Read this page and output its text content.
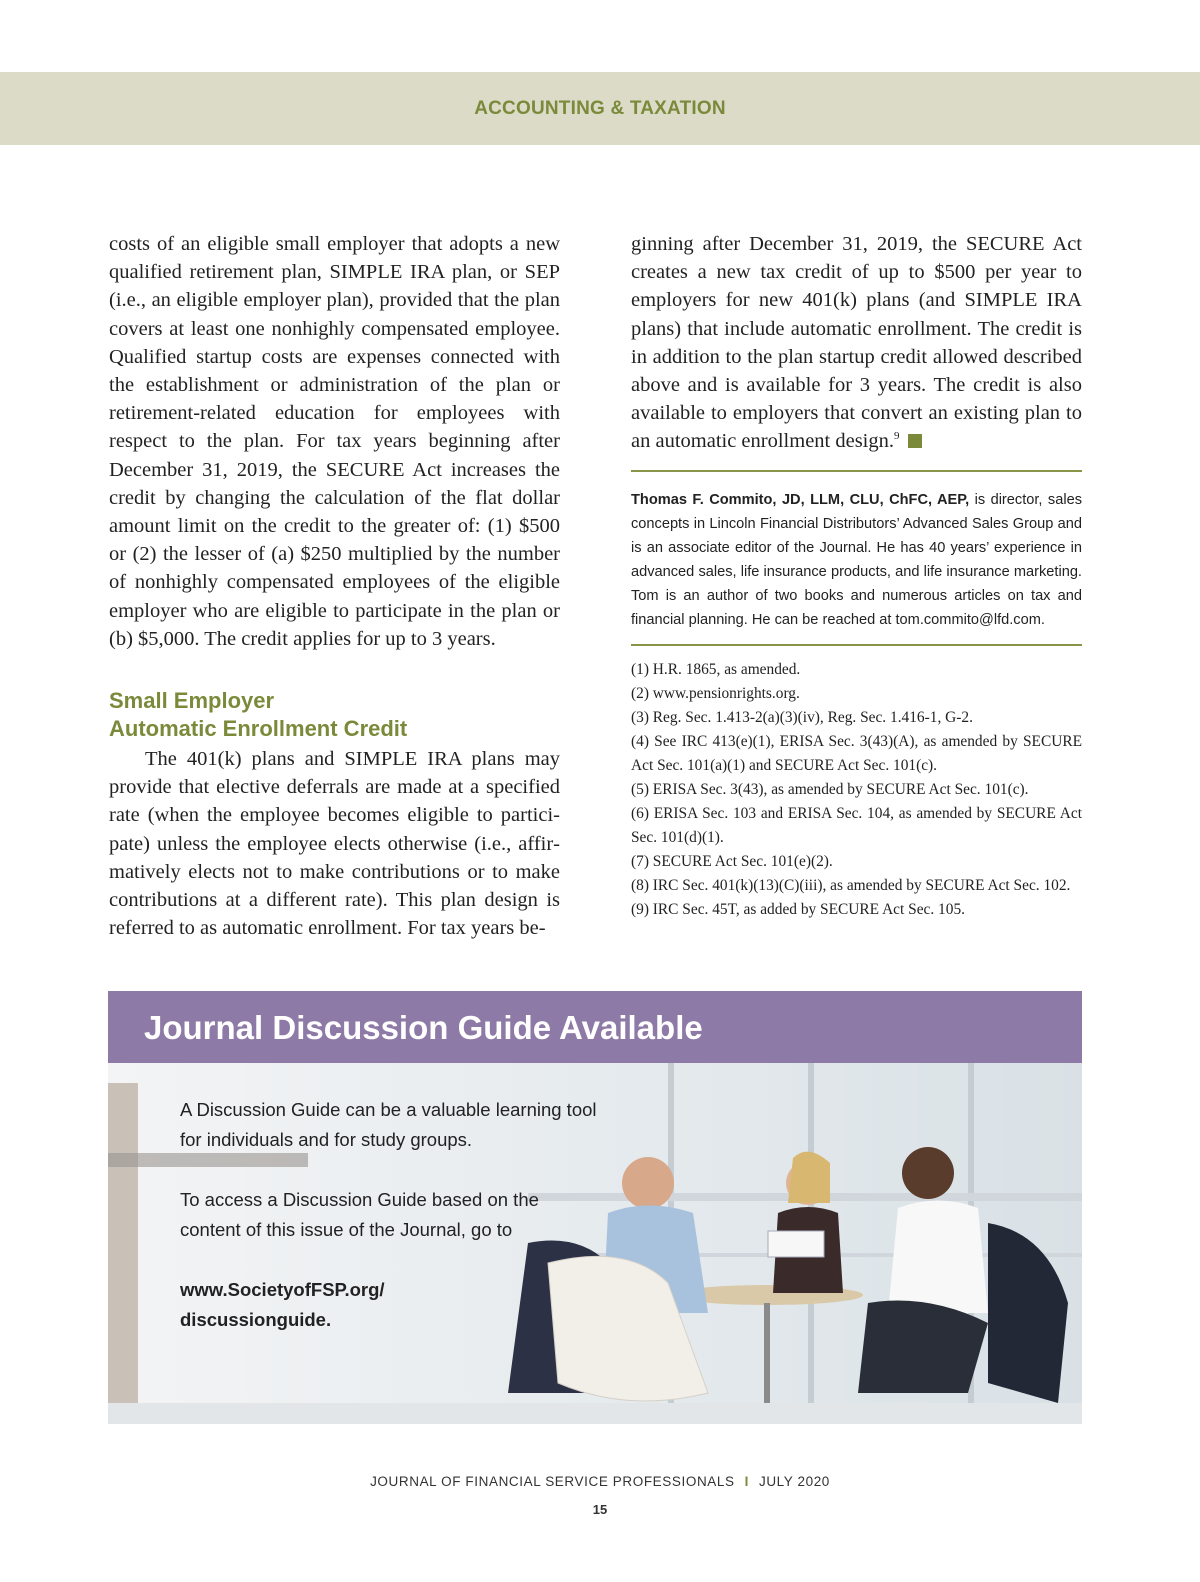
ACCOUNTING & TAXATION

costs of an eligible small employer that adopts a new qualified retirement plan, SIMPLE IRA plan, or SEP (i.e., an eligible employer plan), provided that the plan covers at least one nonhighly compensated employee. Qualified startup costs are expenses connected with the establishment or administration of the plan or retirement-related education for employees with respect to the plan. For tax years beginning after December 31, 2019, the SECURE Act increases the credit by changing the calculation of the flat dollar amount limit on the credit to the greater of: (1) $500 or (2) the lesser of (a) $250 multiplied by the number of nonhighly compensated employees of the eligible employer who are eligible to participate in the plan or (b) $5,000. The credit applies for up to 3 years.

Small Employer
Automatic Enrollment Credit

The 401(k) plans and SIMPLE IRA plans may provide that elective deferrals are made at a specified rate (when the employee becomes eligible to participate) unless the employee elects otherwise (i.e., affirmatively elects not to make contributions or to make contributions at a different rate). This plan design is referred to as automatic enrollment. For tax years be-

ginning after December 31, 2019, the SECURE Act creates a new tax credit of up to $500 per year to employers for new 401(k) plans (and SIMPLE IRA plans) that include automatic enrollment. The credit is in addition to the plan startup credit allowed described above and is available for 3 years. The credit is also available to employers that convert an existing plan to an automatic enrollment design.$^9$

Thomas F. Commito, JD, LLM, CLU, ChFC, AEP, is director, sales concepts in Lincoln Financial Distributors’ Advanced Sales Group and is an associate editor of the Journal. He has 40 years’ experience in advanced sales, life insurance products, and life insurance marketing. Tom is an author of two books and numerous articles on tax and financial planning. He can be reached at tom.commito@lfd.com.
(1) H.R. 1865, as amended.
(2) www.pensionrights.org.
(3) Reg. Sec. 1.413-2(a)(3)(iv), Reg. Sec. 1.416-1, G-2.
(4) See IRC 413(e)(1), ERISA Sec. 3(43)(A), as amended by SECURE Act Sec. 101(a)(1) and SECURE Act Sec. 101(c).
(5) ERISA Sec. 3(43), as amended by SECURE Act Sec. 101(c).
(6) ERISA Sec. 103 and ERISA Sec. 104, as amended by SECURE Act Sec. 101(d)(1).
(7) SECURE Act Sec. 101(e)(2).
(8) IRC Sec. 401(k)(13)(C)(iii), as amended by SECURE Act Sec. 102.
(9) IRC Sec. 45T, as added by SECURE Act Sec. 105.
Journal Discussion Guide Available

A Discussion Guide can be a valuable learning tool for individuals and for study groups.

To access a Discussion Guide based on the content of this issue of the Journal, go to

www.SocietyofFSP.org/
discussionguide.
JOURNAL OF FINANCIAL SERVICE PROFESSIONALS I JULY 2020
15
